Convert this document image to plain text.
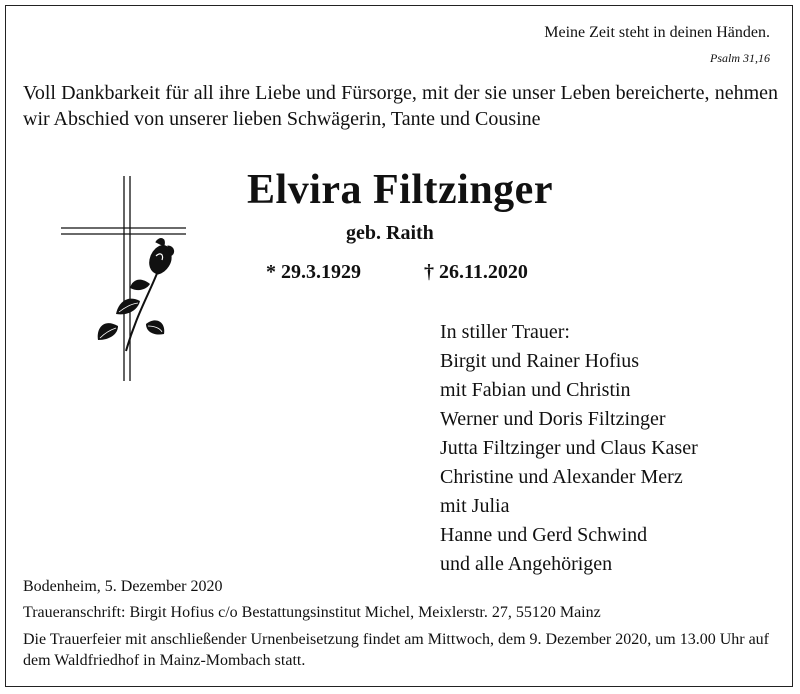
Meine Zeit steht in deinen Händen.
Psalm 31,16
Voll Dankbarkeit für all ihre Liebe und Fürsorge, mit der sie unser Leben bereicherte, nehmen wir Abschied von unserer lieben Schwägerin, Tante und Cousine
Elvira Filtzinger
geb. Raith
* 29.3.1929	† 26.11.2020
In stiller Trauer:
Birgit und Rainer Hofius
mit Fabian und Christin
Werner und Doris Filtzinger
Jutta Filtzinger und Claus Kaser
Christine und Alexander Merz
mit Julia
Hanne und Gerd Schwind
und alle Angehörigen
Bodenheim, 5. Dezember 2020
Traueranschrift: Birgit Hofius c/o Bestattungsinstitut Michel, Meixlerstr. 27, 55120 Mainz
Die Trauerfeier mit anschließender Urnenbeisetzung findet am Mittwoch, dem 9. Dezember 2020, um 13.00 Uhr auf dem Waldfriedhof in Mainz-Mombach statt.
